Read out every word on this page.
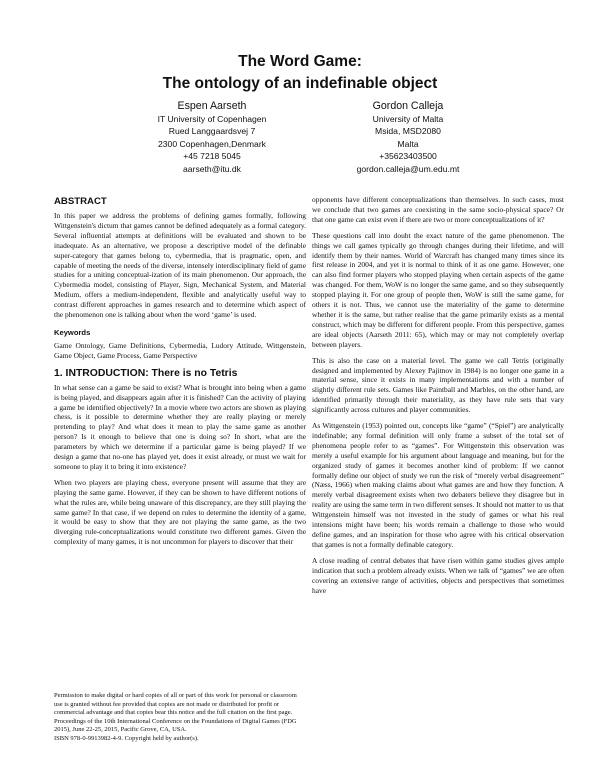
The Word Game:
The ontology of an indefinable object
Espen Aarseth
IT University of Copenhagen
Rued Langgaardsvej 7
2300 Copenhagen,Denmark
+45 7218 5045
aarseth@itu.dk
Gordon Calleja
University of Malta
Msida, MSD2080
Malta
+35623403500
gordon.calleja@um.edu.mt
ABSTRACT

In this paper we address the problems of defining games formally, following Wittgenstein's dictum that games cannot be defined adequately as a formal category. Several influential attempts at definitions will be evaluated and shown to be inadequate. As an alternative, we propose a descriptive model of the definable super-category that games belong to, cybermedia, that is pragmatic, open, and capable of meeting the needs of the diverse, intensely interdisciplinary field of game studies for a uniting conceptual-ization of its main phenomenon. Our approach, the Cybermedia model, consisting of Player, Sign, Mechanical System, and Material Medium, offers a medium-independent, flexible and analytically useful way to contrast different approaches in games research and to determine which aspect of the phenomenon one is talking about when the word ‘game’ is used.

Keywords

Game Ontology, Game Definitions, Cybermedia, Ludory Attitude, Wittgenstein, Game Object, Game Process, Game Perspective

1. INTRODUCTION: There is no Tetris

In what sense can a game be said to exist? What is brought into being when a game is being played, and disappears again after it is finished? Can the activity of playing a game be identified objectively? In a movie where two actors are shown as playing chess, is it possible to determine whether they are really playing or merely pretending to play? And what does it mean to play the same game as another person? Is it enough to believe that one is doing so? In short, what are the parameters by which we determine if a particular game is being played? If we design a game that no-one has played yet, does it exist already, or must we wait for someone to play it to bring it into existence?

When two players are playing chess, everyone present will assume that they are playing the same game. However, if they can be shown to have different notions of what the rules are, while being unaware of this discrepancy, are they still playing the same game? In that case, if we depend on rules to determine the identity of a game, it would be easy to show that they are not playing the same game, as the two diverging rule-conceptualizations would constitute two different games. Given the complexity of many games, it is not uncommon for players to discover that their

Permission to make digital or hard copies of all or part of this work for personal or classroom use is granted without fee provided that copies are not made or distributed for profit or commercial advantage and that copies bear this notice and the full citation on the first page.

Proceedings of the 10th International Conference on the Foundations of Digital Games (FDG 2015), June 22-25, 2015, Pacific Grove, CA, USA.

ISBN 978-0-9913982-4-9. Copyright held by author(s).

opponents have different conceptualizations than themselves. In such cases, must we conclude that two games are coexisting in the same socio-physical space? Or that one game can exist even if there are two or more conceptualizations of it?

These questions call into doubt the exact nature of the game phenomenon. The things we call games typically go through changes during their lifetime, and will identify them by their names. World of Warcraft has changed many times since its first release in 2004, and yet it is normal to think of it as one game. However, one can also find former players who stopped playing when certain aspects of the game was changed. For them, WoW is no longer the same game, and so they subsequently stopped playing it. For one group of people then, WoW is still the same game, for others it is not. Thus, we cannot use the materiality of the game to determine whether it is the same, but rather realise that the game primarily exists as a mental construct, which may be different for different people. From this perspective, games are ideal objects (Aarseth 2011: 65), which may or may not completely overlap between players.

This is also the case on a material level. The game we call Tetris (originally designed and implemented by Alexey Pajitnov in 1984) is no longer one game in a material sense, since it exists in many implementations and with a number of slightly different rule sets. Games like Paintball and Marbles, on the other hand, are identified primarily through their materiality, as they have rule sets that vary significantly across cultures and player communities.

As Wittgenstein (1953) pointed out, concepts like “game” (“Spiel”) are analytically indefinable; any formal definition will only frame a subset of the total set of phenomena people refer to as “games”. For Wittgenstein this observation was merely a useful example for his argument about language and meaning, but for the organized study of games it becomes another kind of problem: If we cannot formally define our object of study we run the risk of “merely verbal disagreement” (Næss, 1966) when making claims about what games are and how they function. A merely verbal disagreement exists when two debaters believe they disagree but in reality are using the same term in two different senses. It should not matter to us that Wittgenstein himself was not invested in the study of games or what his real intensions might have been; his words remain a challenge to those who would define games, and an inspiration for those who agree with his critical observation that games is not a formally definable category.

A close reading of central debates that have risen within game studies gives ample indication that such a problem already exists. When we talk of “games” we are often covering an extensive range of activities, objects and perspectives that sometimes have
